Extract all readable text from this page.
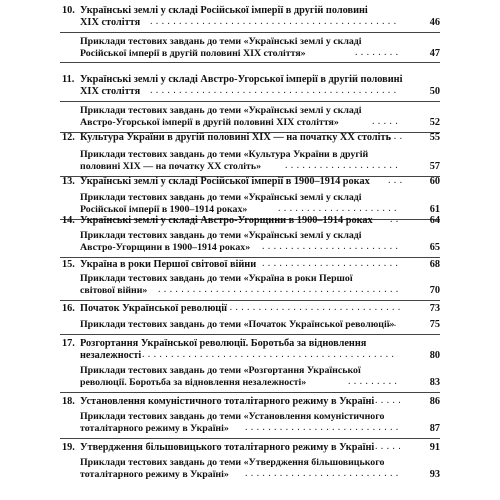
10. Українські землі у складі Російської імперії в другій половині
XIX століття . . .	46
Приклади тестових завдань до теми «Українські землі у складі
Російської імперії в другій половині XIX століття» . . .	47
11. Українські землі у складі Австро-Угорської імперії в другій половині
XIX століття . . .	50
Приклади тестових завдань до теми «Українські землі у складі
Австро-Угорської імперії в другій половині XIX століття» . . .	52
12. Культура України в другій половині XIX — на початку XX століть . . .	55
Приклади тестових завдань до теми «Культура України в другій
половині XIX — на початку XX століть» . . .	57
13. Українські землі у складі Російської імперії в 1900–1914 роках . . .	60
Приклади тестових завдань до теми «Українські землі у складі
Російської імперії в 1900–1914 роках» . . .	61
14. Українські землі у складі Австро-Угорщини в 1900–1914 роках . . .	64
Приклади тестових завдань до теми «Українські землі у складі
Австро-Угорщини в 1900–1914 роках» . . .	65
15. Україна в роки Першої світової війни . . .	68
Приклади тестових завдань до теми «Україна в роки Першої
світової війни» . . .	70
16. Початок Української революції . . .	73
Приклади тестових завдань до теми «Початок Української революції» . . .	75
17. Розгортання Української революції. Боротьба за відновлення
незалежності . . .	80
Приклади тестових завдань до теми «Розгортання Української
революції. Боротьба за відновлення незалежності» . . .	83
18. Установлення комуністичного тоталітарного режиму в Україні . . .	86
Приклади тестових завдань до теми «Установлення комуністичного
тоталітарного режиму в Україні» . . .	87
19. Утвердження більшовицького тоталітарного режиму в Україні . . .	91
Приклади тестових завдань до теми «Утвердження більшовицького
тоталітарного режиму в Україні» . . .	93
